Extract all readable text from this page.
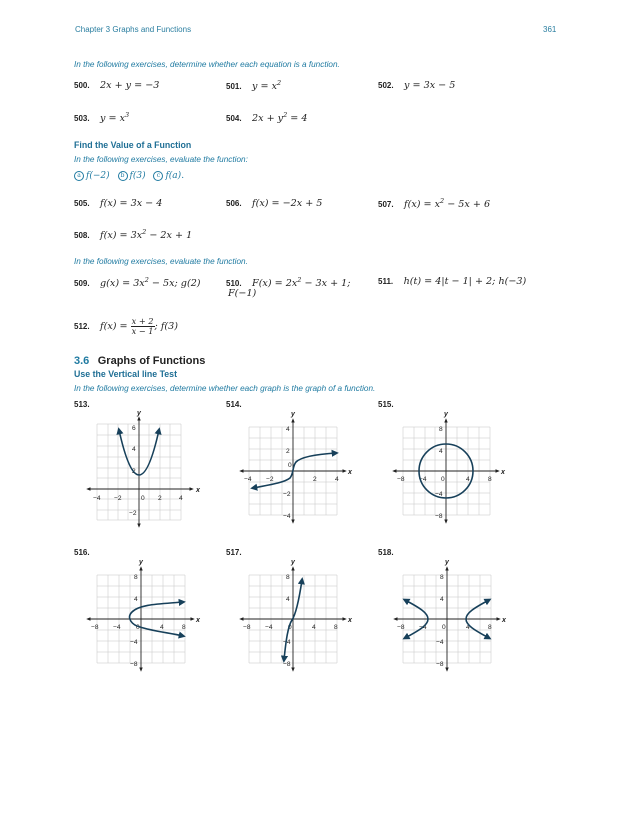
Chapter 3 Graphs and Functions	361
In the following exercises, determine whether each equation is a function.
500. 2x + y = −3	501. $y = x^2$	502. y = 3x − 5
503. $y = x^3$	504. $2x + y^2 = 4$
Find the Value of a Function
In the following exercises, evaluate the function:
a f(−2) b f(3) c f(a).
505. f(x) = 3x − 4	506. f(x) = −2x + 5	507. $f(x) = x^2 - 5x + 6$
508. $f(x) = 3x^2 - 2x + 1$
In the following exercises, evaluate the function.
509. $g(x) = 3x^2 - 5x$; g(2)	510. $F(x) = 2x^2 - 3x + 1$;
F(−1)
511. h(t) = 4|t − 1| + 2; h(−3)
512. $f(x) = \frac{x + 2}{x - 1}$ ; f(3)
3.6 Graphs of Functions
Use the Vertical line Test
In the following exercises, determine whether each graph is the graph of a function.
513.	514.	515.
516.	517.	518.
x
y
−4 −2	0 2	4
6
4
2
−2
x
y
−4 −2
0
2	4
4
2
−2
−4
x
y
−8 −4 0	4	8
8
4
−4
−8
x
y
−8 −4 0	4	8
8
4
−4
−8
x
y
−8 −4 0	4	8
8
4
−4
−8
x
y
−8 −4 0	4	8
8
4
−4
−8
